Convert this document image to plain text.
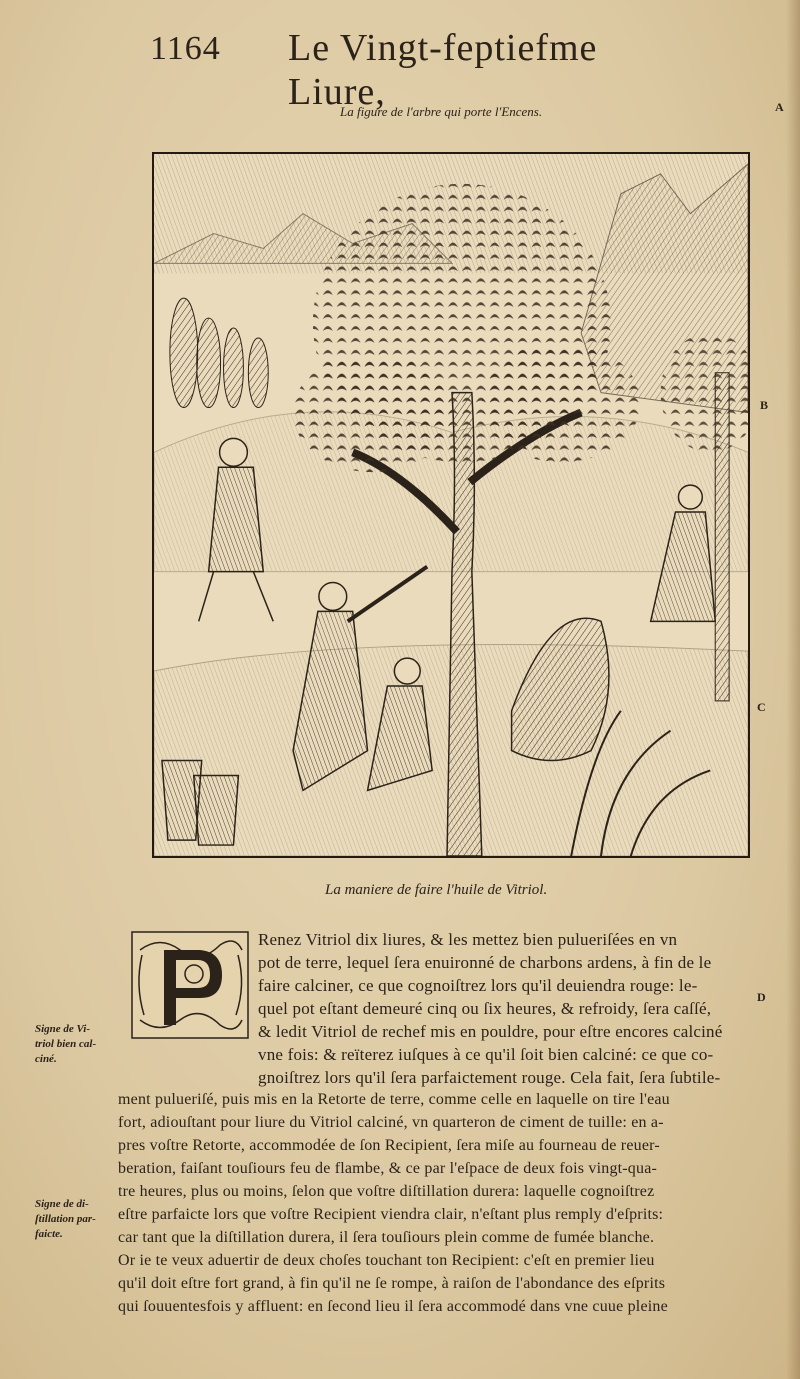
1164 Le Vingt-feptiefme Liure,
La figure de l'arbre qui porte l'Encens.	A
B
C
D
La maniere de faire l'huile de Vitriol.
Renez Vitriol dix liures, & les mettez bien pulueriſées en vn
pot de terre, lequel ſera enuironné de charbons ardens, à fin de le
faire calciner, ce que cognoiſtrez lors qu'il deuiendra rouge: le-
quel pot eſtant demeuré cinq ou ſix heures, & refroidy, ſera caſſé,
& ledit Vitriol de rechef mis en pouldre, pour eſtre encores calciné
vne fois: & reïterez iuſques à ce qu'il ſoit bien calciné: ce que co-
gnoiſtrez lors qu'il ſera parfaictement rouge. Cela fait, ſera ſubtile-
ment pulueriſé, puis mis en la Retorte de terre, comme celle en laquelle on tire l'eau
fort, adiouſtant pour liure du Vitriol calciné, vn quarteron de ciment de tuille: en a-
pres voſtre Retorte, accommodée de ſon Recipient, ſera miſe au fourneau de reuer-
beration, faiſant touſiours feu de flambe, & ce par l'eſpace de deux fois vingt-qua-
tre heures, plus ou moins, ſelon que voſtre diſtillation durera: laquelle cognoiſtrez
eſtre parfaicte lors que voſtre Recipient viendra clair, n'eſtant plus remply d'eſprits:
car tant que la diſtillation durera, il ſera touſiours plein comme de fumée blanche.
Or ie te veux aduertir de deux choſes touchant ton Recipient: c'eſt en premier lieu
qu'il doit eſtre fort grand, à fin qu'il ne ſe rompe, à raiſon de l'abondance des eſprits
qui ſouuentesfois y affluent: en ſecond lieu il ſera accommodé dans vne cuue pleine
Signe de Vi-
triol bien cal-
ciné.
Signe de di-
ſtillation par-
faicte.
